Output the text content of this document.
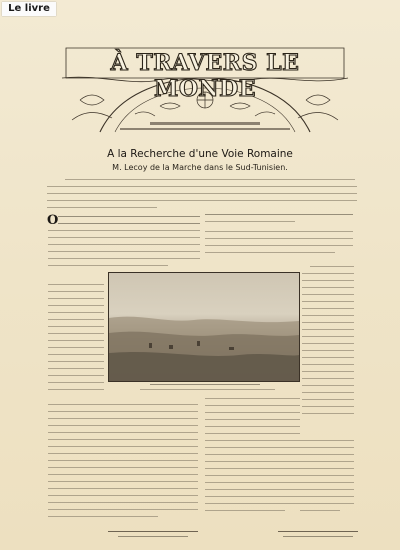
Le livre
À TRAVERS LE MONDE
A la Recherche d'une Voie Romaine
M. Lecoy de la Marche dans le Sud-Tunisien.
O
